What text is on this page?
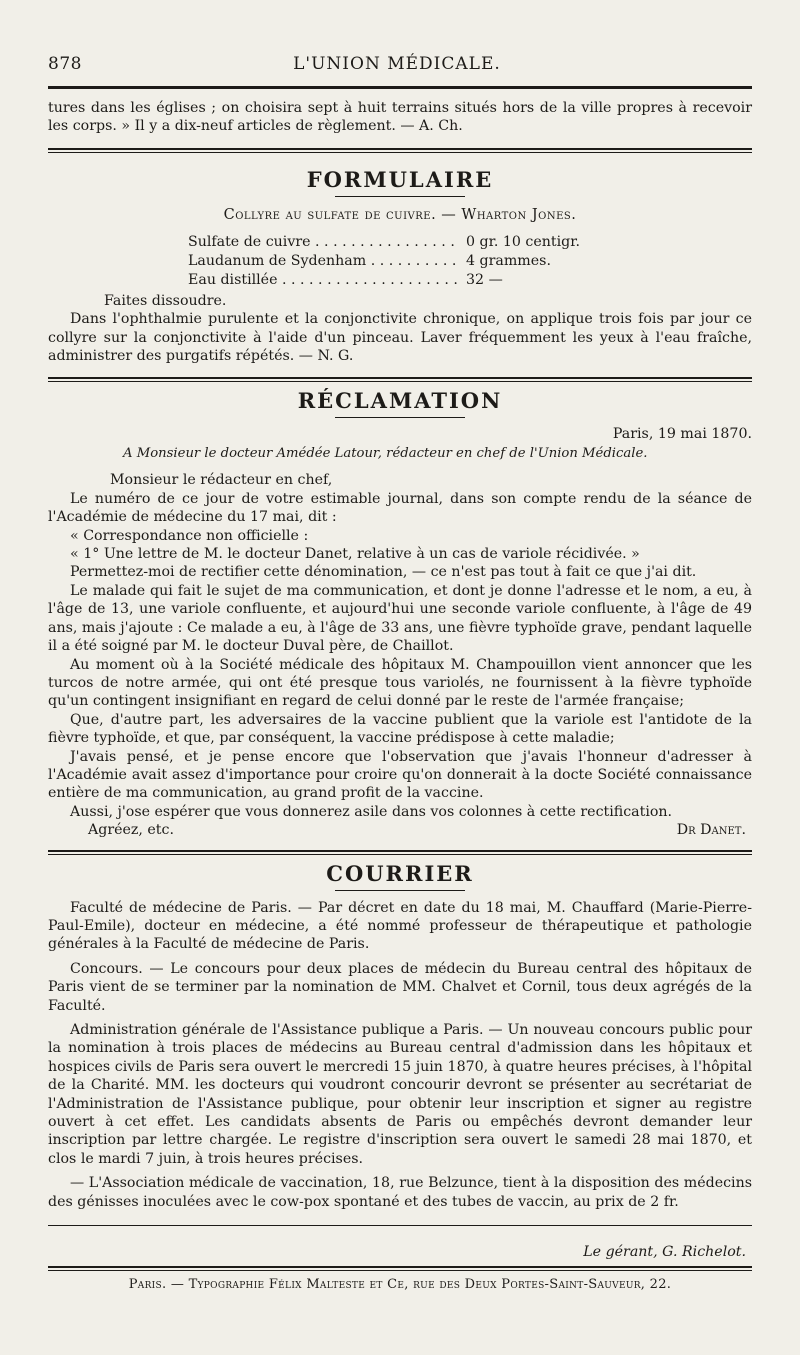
878	L'UNION MÉDICALE.

tures dans les églises ; on choisira sept à huit terrains situés hors de la ville propres à recevoir les corps. » Il y a dix-neuf articles de règlement. — A. Ch.

FORMULAIRE
Collyre au sulfate de cuivre. — Wharton Jones.
Sulfate de cuivre . . .	0 gr. 10 centigr.
Laudanum de Sydenham . . .	4 grammes.
Eau distillée . . .	32 —

Faites dissoudre.

Dans l'ophthalmie purulente et la conjonctivite chronique, on applique trois fois par jour ce collyre sur la conjonctivite à l'aide d'un pinceau. Laver fréquemment les yeux à l'eau fraîche, administrer des purgatifs répétés. — N. G.

RÉCLAMATION
Paris, 19 mai 1870.
A Monsieur le docteur Amédée Latour, rédacteur en chef de l'Union Médicale.

Monsieur le rédacteur en chef,

Le numéro de ce jour de votre estimable journal, dans son compte rendu de la séance de l'Académie de médecine du 17 mai, dit :

« Correspondance non officielle :

« 1° Une lettre de M. le docteur Danet, relative à un cas de variole récidivée. »

Permettez-moi de rectifier cette dénomination, — ce n'est pas tout à fait ce que j'ai dit.

Le malade qui fait le sujet de ma communication, et dont je donne l'adresse et le nom, a eu, à l'âge de 13, une variole confluente, et aujourd'hui une seconde variole confluente, à l'âge de 49 ans, mais j'ajoute : Ce malade a eu, à l'âge de 33 ans, une fièvre typhoïde grave, pendant laquelle il a été soigné par M. le docteur Duval père, de Chaillot.

Au moment où à la Société médicale des hôpitaux M. Champouillon vient annoncer que les turcos de notre armée, qui ont été presque tous variolés, ne fournissent à la fièvre typhoïde qu'un contingent insignifiant en regard de celui donné par le reste de l'armée française;

Que, d'autre part, les adversaires de la vaccine publient que la variole est l'antidote de la fièvre typhoïde, et que, par conséquent, la vaccine prédispose à cette maladie;

J'avais pensé, et je pense encore que l'observation que j'avais l'honneur d'adresser à l'Académie avait assez d'importance pour croire qu'on donnerait à la docte Société connaissance entière de ma communication, au grand profit de la vaccine.

Aussi, j'ose espérer que vous donnerez asile dans vos colonnes à cette rectification.

Agréez, etc.	Dr Danet.
COURRIER

Faculté de médecine de Paris. — Par décret en date du 18 mai, M. Chauffard (Marie-Pierre-Paul-Emile), docteur en médecine, a été nommé professeur de thérapeutique et pathologie générales à la Faculté de médecine de Paris.

Concours. — Le concours pour deux places de médecin du Bureau central des hôpitaux de Paris vient de se terminer par la nomination de MM. Chalvet et Cornil, tous deux agrégés de la Faculté.

Administration générale de l'Assistance publique a Paris. — Un nouveau concours public pour la nomination à trois places de médecins au Bureau central d'admission dans les hôpitaux et hospices civils de Paris sera ouvert le mercredi 15 juin 1870, à quatre heures précises, à l'hôpital de la Charité. MM. les docteurs qui voudront concourir devront se présenter au secrétariat de l'Administration de l'Assistance publique, pour obtenir leur inscription et signer au registre ouvert à cet effet. Les candidats absents de Paris ou empêchés devront demander leur inscription par lettre chargée. Le registre d'inscription sera ouvert le samedi 28 mai 1870, et clos le mardi 7 juin, à trois heures précises.

— L'Association médicale de vaccination, 18, rue Belzunce, tient à la disposition des médecins des génisses inoculées avec le cow-pox spontané et des tubes de vaccin, au prix de 2 fr.

Le gérant, G. Richelot.
Paris. — Typographie Félix Malteste et Ce, rue des Deux Portes-Saint-Sauveur, 22.
